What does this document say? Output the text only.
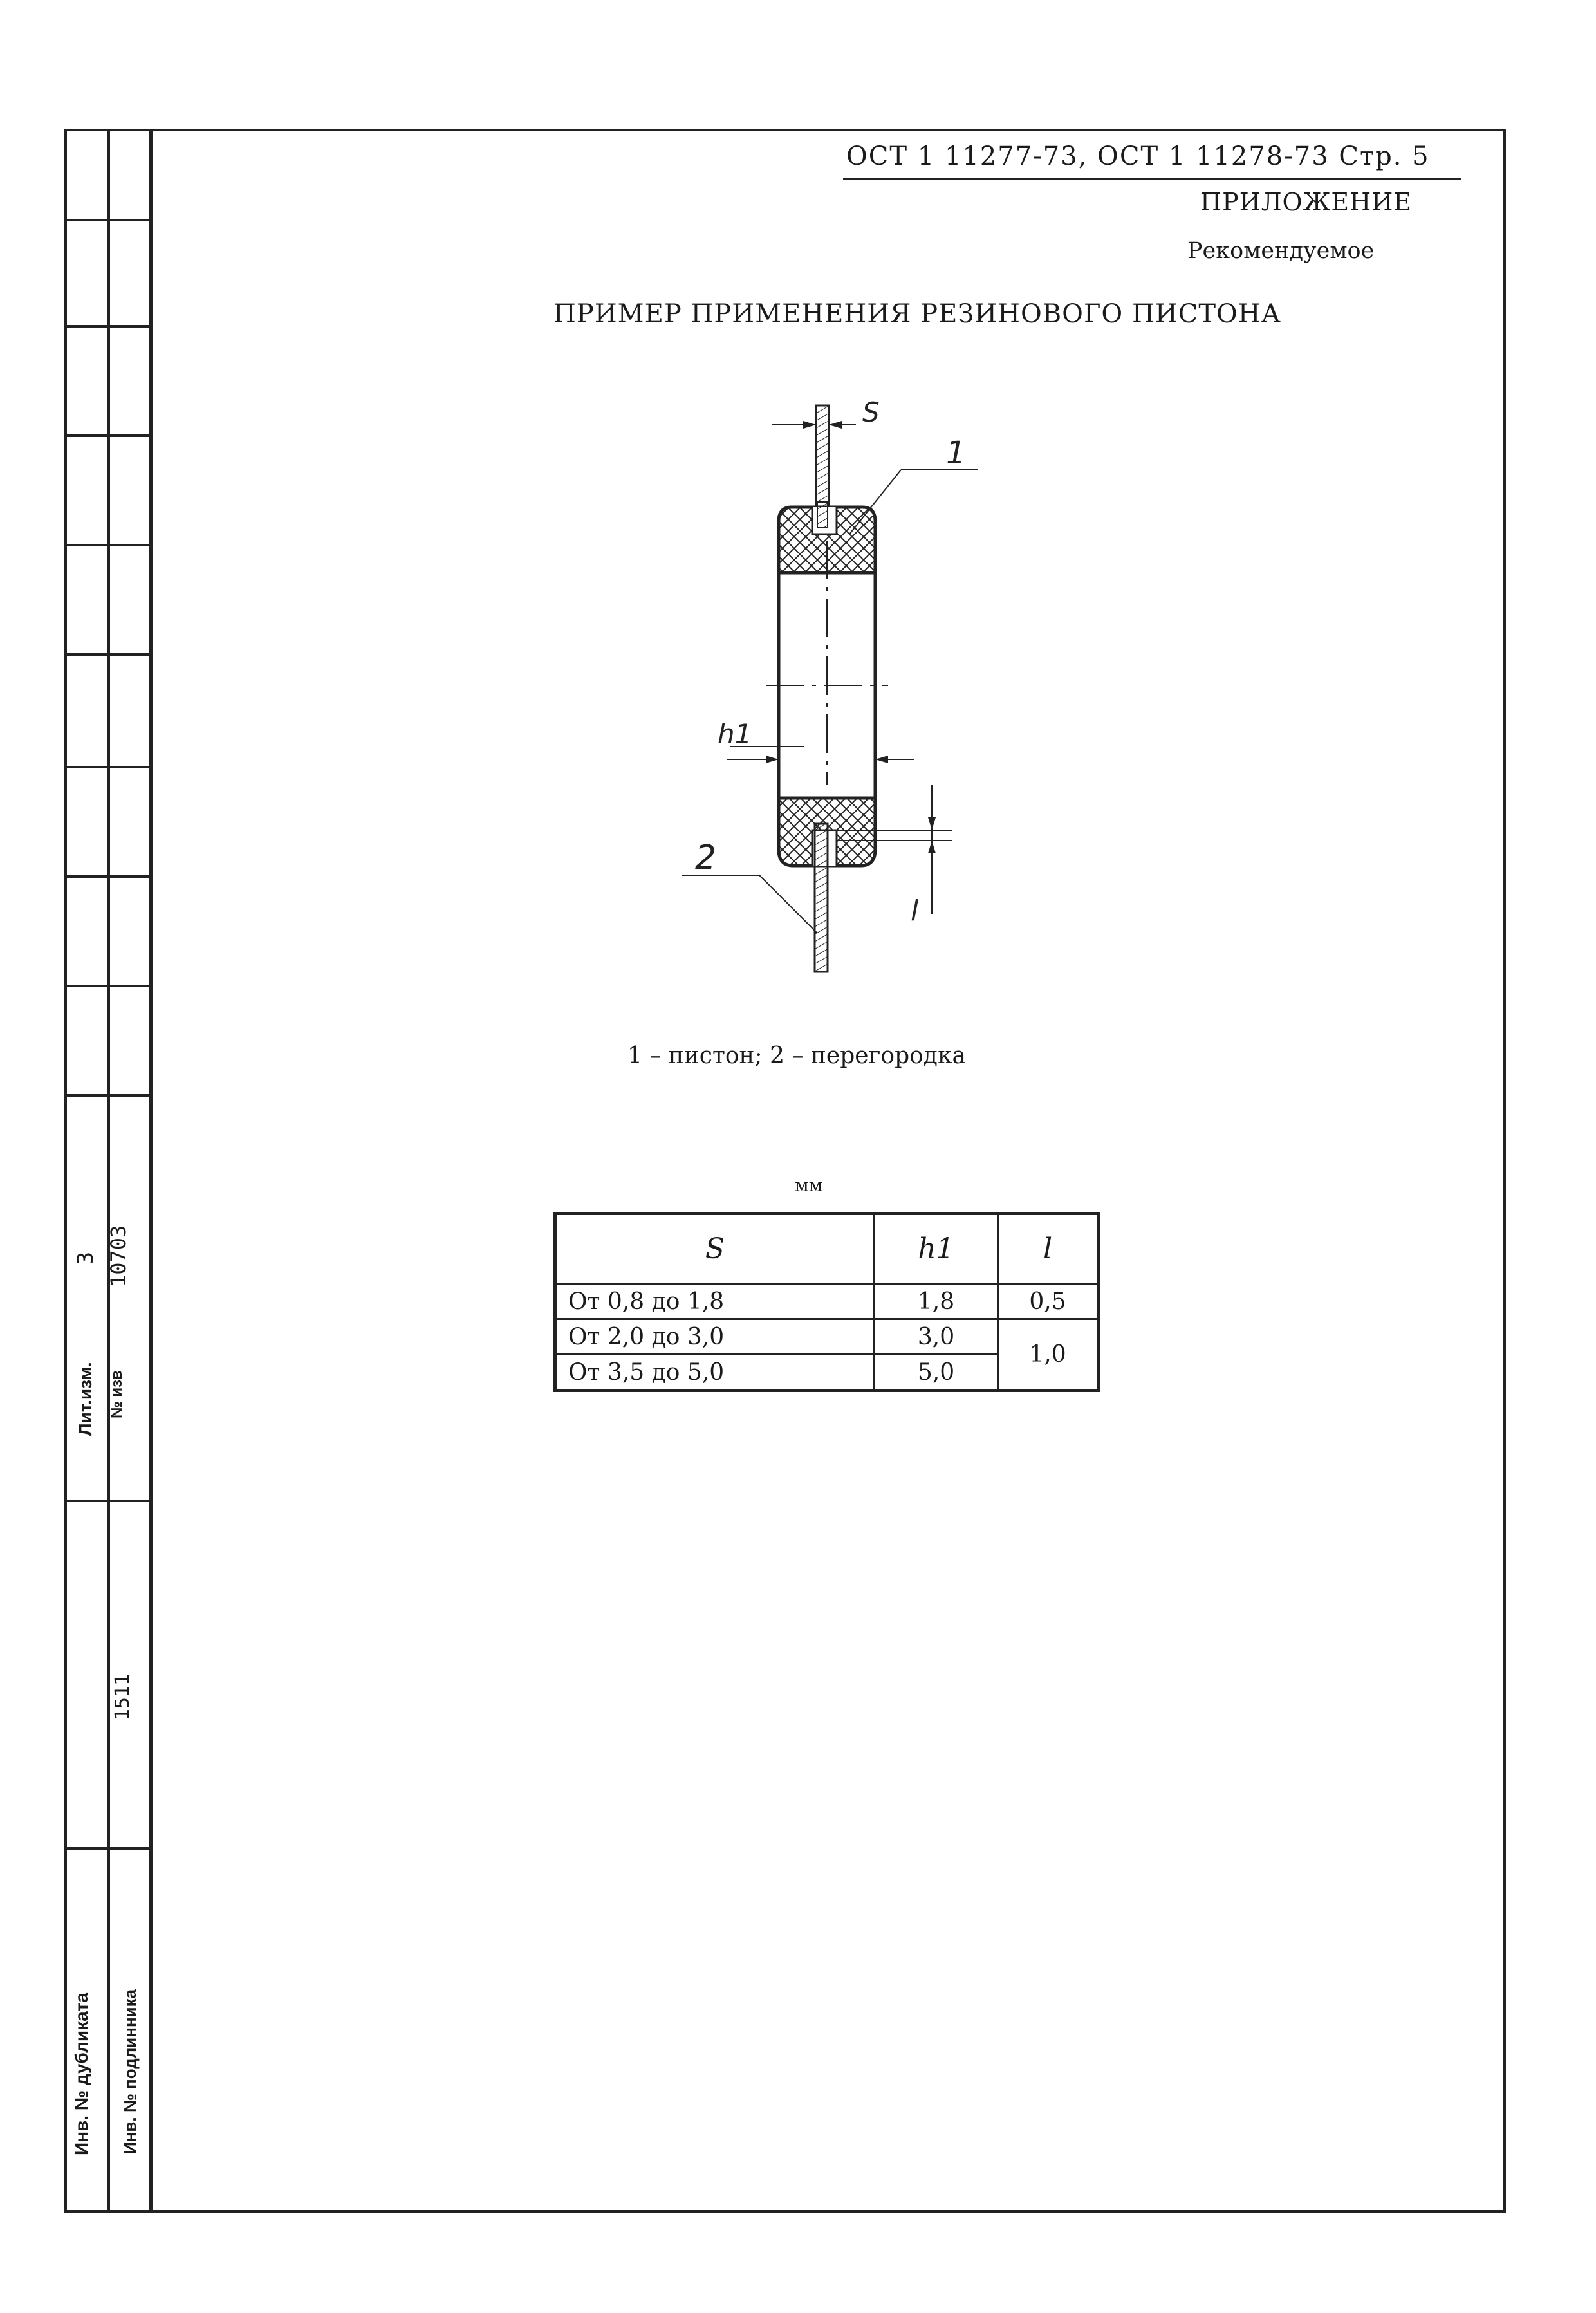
3 10703
Лит.изм. № изв
1511
Инв. № дубликата Инв. № подлинника
ОСТ 1 11277-73, ОСТ 1 11278-73 Стр. 5
ПРИЛОЖЕНИЕ
Рекомендуемое
ПРИМЕР ПРИМЕНЕНИЯ РЕЗИНОВОГО ПИСТОНА
S
1
h1
2
l
1 – пистон; 2 – перегородка
мм
S	h1	l
От 0,8 до 1,8	1,8	0,5
От 2,0 до 3,0	3,0	1,0
От 3,5 до 5,0	5,0	
